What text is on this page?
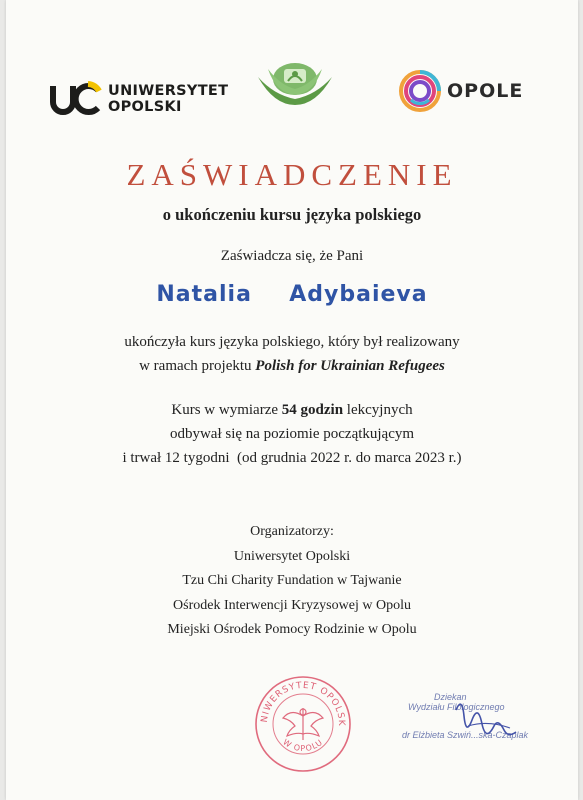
UNIWERSYTET
OPOLSKI
OPOLE
ZAŚWIADCZENIE
o ukończeniu kursu języka polskiego
Zaświadcza się, że Pani
Natalia  Adybaieva
ukończyła kurs języka polskiego, który był realizowany
w ramach projektu Polish for Ukrainian Refugees
Kurs w wymiarze 54 godzin lekcyjnych
odbywał się na poziomie początkującym
i trwał 12 tygodni  (od grudnia 2022 r. do marca 2023 r.)
Organizatorzy:
Uniwersytet Opolski
Tzu Chi Charity Fundation w Tajwanie
Ośrodek Interwencji Kryzysowej w Opolu
Miejski Ośrodek Pomocy Rodzinie w Opolu
NIWERSYTET OPOLSK
W OPOLU
Dziekan
Wydziału Filologicznego
dr Elżbieta Szwiń...ska-Czaplak
